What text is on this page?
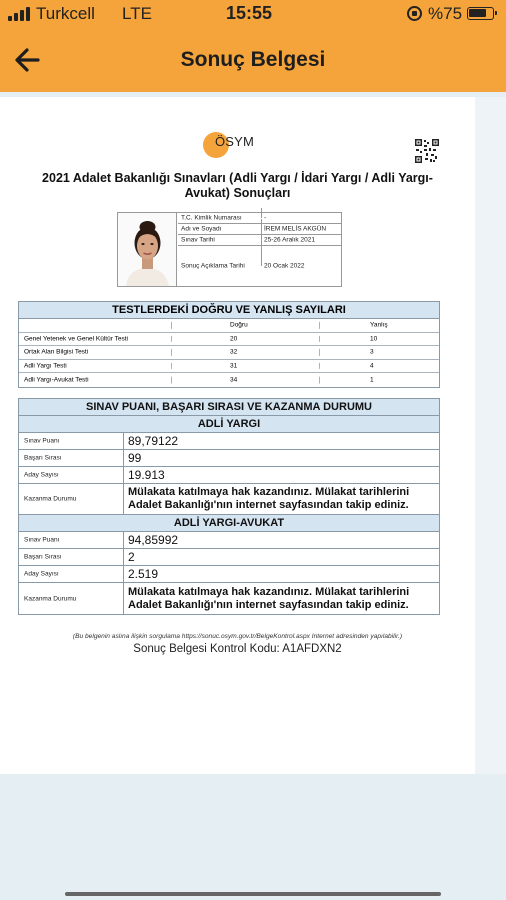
Turkcell LTE	15:55	%75
Sonuç Belgesi
ÖSYM
2021 Adalet Bakanlığı Sınavları (Adli Yargı / İdari Yargı / Adli Yargı-Avukat) Sonuçları
T.C. Kimlik Numarası	-
Adı ve Soyadı	İREM MELİS AKGÜN
Sınav Tarihi	25-26 Aralık 2021
Sonuç Açıklama Tarihi	20 Ocak 2022
TESTLERDEKİ DOĞRU VE YANLIŞ SAYILARI
Doğru	Yanlış
Genel Yetenek ve Genel Kültür Testi	20	10
Ortak Alan Bilgisi Testi	32	3
Adli Yargı Testi	31	4
Adli Yargı-Avukat Testi	34	1
SINAV PUANI, BAŞARI SIRASI VE KAZANMA DURUMU
ADLİ YARGI
Sınav Puanı	89,79122
Başarı Sırası	99
Aday Sayısı	19.913
Kazanma Durumu
Mülakata katılmaya hak kazandınız. Mülakat tarihlerini Adalet Bakanlığı'nın internet sayfasından takip ediniz.
ADLİ YARGI-AVUKAT
Sınav Puanı	94,85992
Başarı Sırası	2
Aday Sayısı	2.519
Kazanma Durumu
Mülakata katılmaya hak kazandınız. Mülakat tarihlerini Adalet Bakanlığı'nın internet sayfasından takip ediniz.
(Bu belgenin aslına ilişkin sorgulama https://sonuc.osym.gov.tr/BelgeKontrol.aspx Internet adresinden yapılabilir.)
Sonuç Belgesi Kontrol Kodu: A1AFDXN2
